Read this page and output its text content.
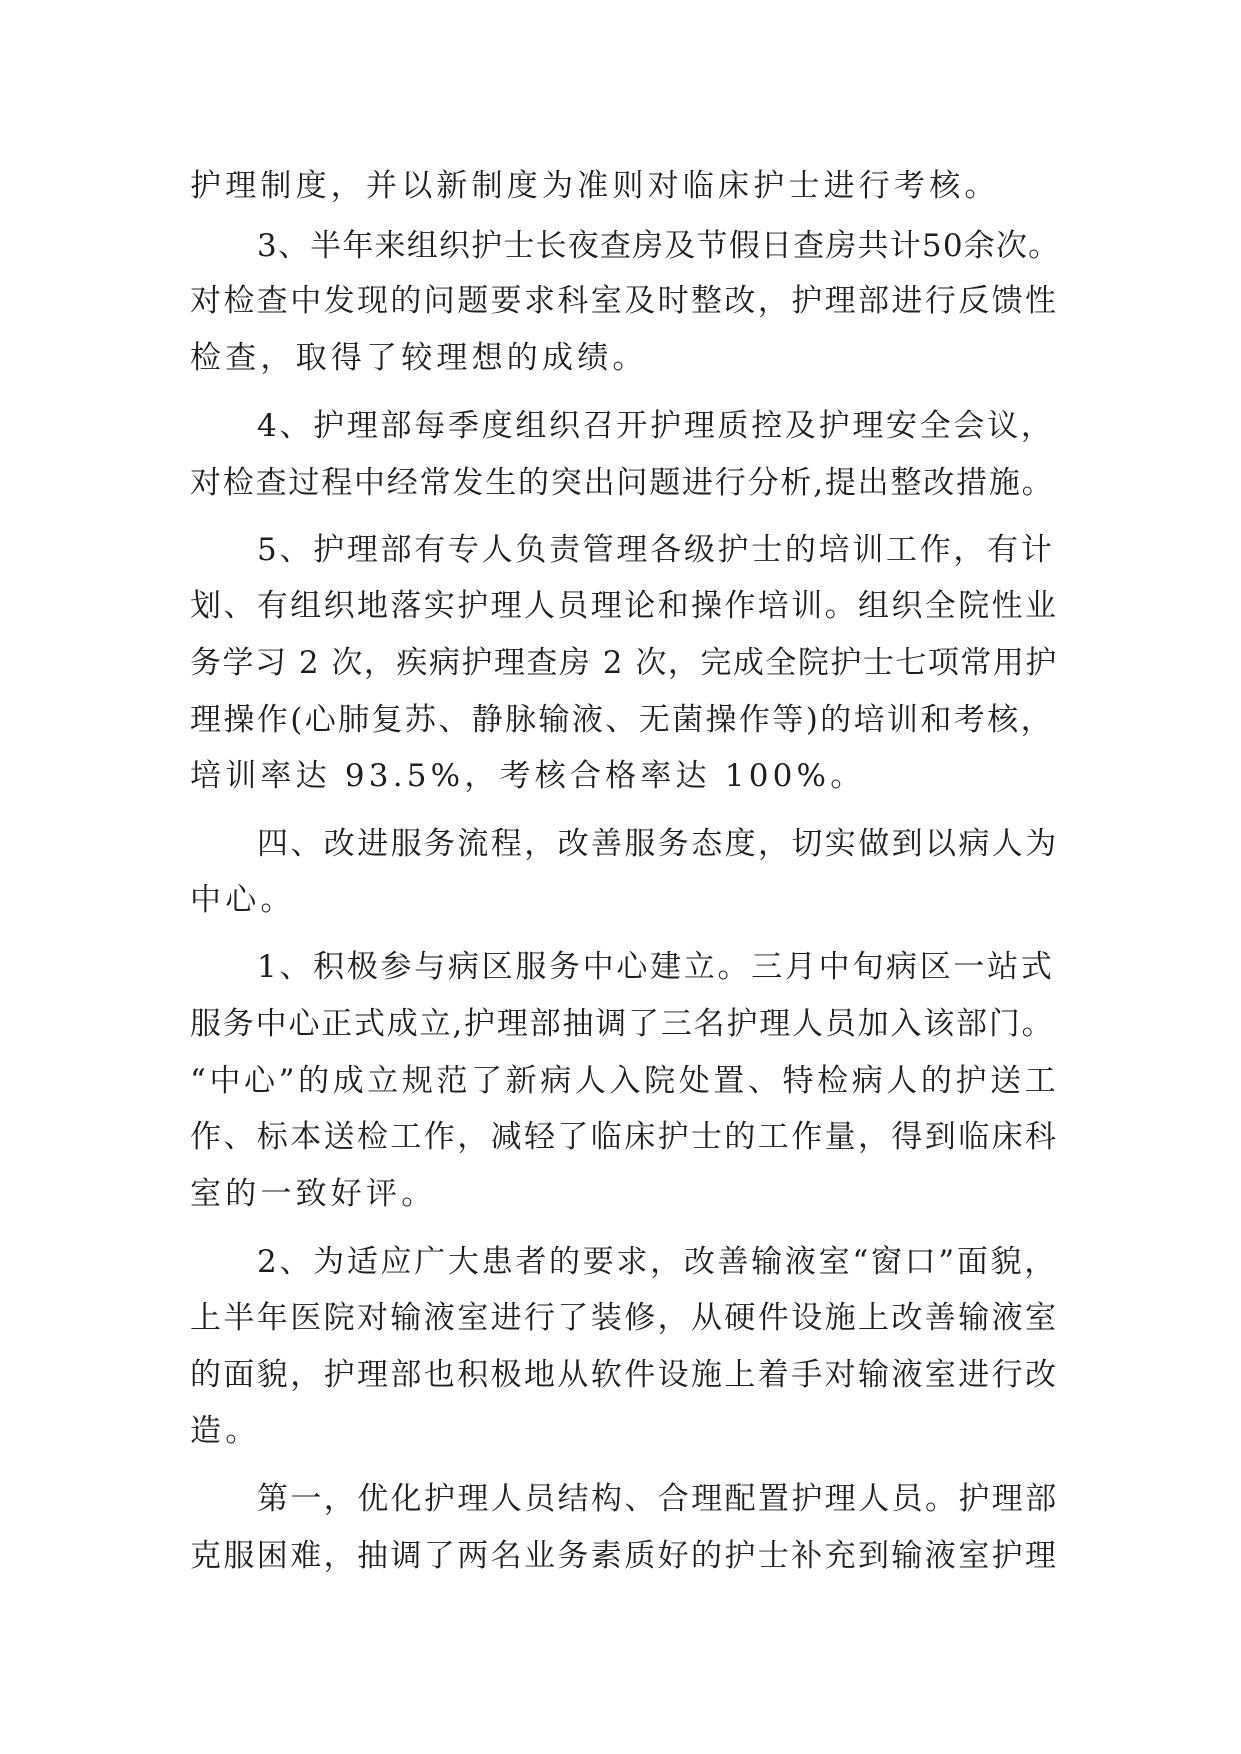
护理制度，并以新制度为准则对临床护士进行考核。
3、半年来组织护士长夜查房及节假日查房共计50余次。
对检查中发现的问题要求科室及时整改，护理部进行反馈性
检查，取得了较理想的成绩。
4、护理部每季度组织召开护理质控及护理安全会议，
对检查过程中经常发生的突出问题进行分析,提出整改措施。
5、护理部有专人负责管理各级护士的培训工作，有计
划、有组织地落实护理人员理论和操作培训。组织全院性业
务学习 2 次，疾病护理查房 2 次，完成全院护士七项常用护
理操作(心肺复苏、静脉输液、无菌操作等)的培训和考核，
培训率达 93.5%，考核合格率达 100%。
四、改进服务流程，改善服务态度，切实做到以病人为
中心。
1、积极参与病区服务中心建立。三月中旬病区一站式
服务中心正式成立,护理部抽调了三名护理人员加入该部门。
“中心”的成立规范了新病人入院处置、特检病人的护送工
作、标本送检工作，减轻了临床护士的工作量，得到临床科
室的一致好评。
2、为适应广大患者的要求，改善输液室“窗口”面貌，
上半年医院对输液室进行了装修，从硬件设施上改善输液室
的面貌，护理部也积极地从软件设施上着手对输液室进行改
造。
第一，优化护理人员结构、合理配置护理人员。护理部
克服困难，抽调了两名业务素质好的护士补充到输液室护理
